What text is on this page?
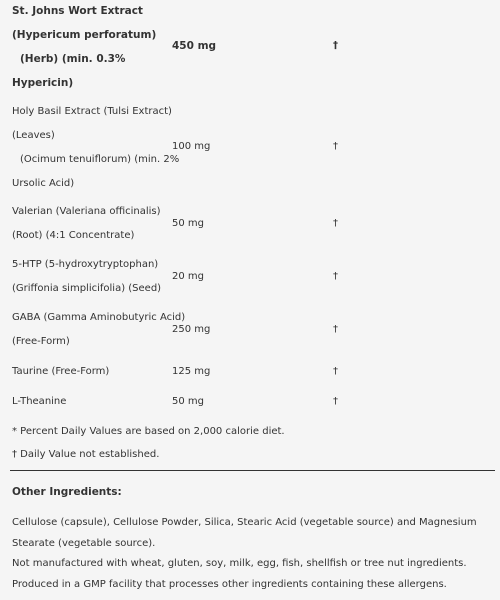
St. Johns Wort Extract
(Hypericum perforatum)
(Herb) (min. 0.3%
Hypericin)
450 mg	†
Holy Basil Extract (Tulsi Extract)
(Leaves)
(Ocimum tenuiflorum) (min. 2%
Ursolic Acid)
100 mg	†
Valerian (Valeriana officinalis)
(Root) (4:1 Concentrate)
50 mg	†
5-HTP (5-hydroxytryptophan)
(Griffonia simplicifolia) (Seed)
20 mg	†
GABA (Gamma Aminobutyric Acid)
(Free-Form)
250 mg	†
Taurine (Free-Form)	125 mg	†
L-Theanine	50 mg	†
* Percent Daily Values are based on 2,000 calorie diet.
† Daily Value not established.
Other Ingredients:
Cellulose (capsule), Cellulose Powder, Silica, Stearic Acid (vegetable source) and Magnesium Stearate (vegetable source).
Not manufactured with wheat, gluten, soy, milk, egg, fish, shellfish or tree nut ingredients. Produced in a GMP facility that processes other ingredients containing these allergens.
